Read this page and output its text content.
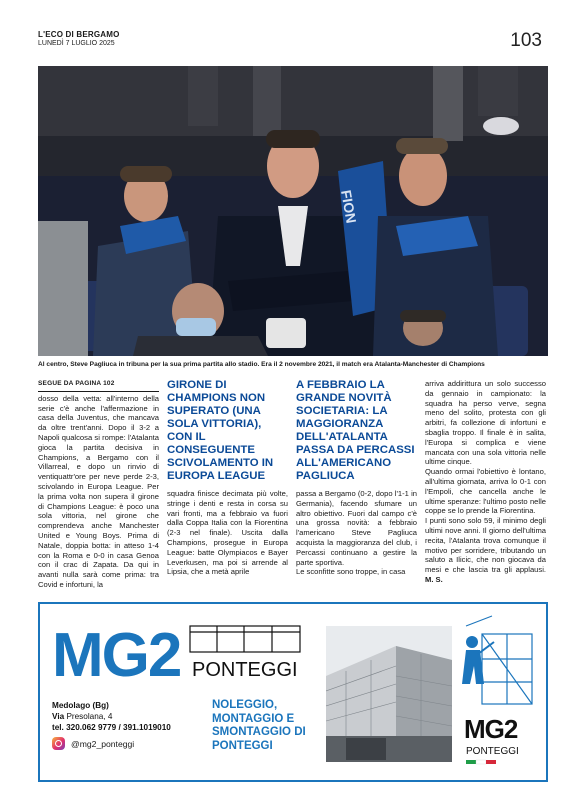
L'ECO DI BERGAMO
LUNEDÌ 7 LUGLIO 2025	103
FION
Al centro, Steve Pagliuca in tribuna per la sua prima partita allo stadio. Era il 2 novembre 2021, il match era Atalanta-Manchester di Champions
SEGUE DA PAGINA 102

dosso della vetta: all'interno della serie c'è anche l'affermazione in casa della Juventus, che mancava da oltre trent'anni. Dopo il 3-2 a Napoli qualcosa si rompe: l'Atalanta gioca la partita decisiva in Champions, a Bergamo con il Villarreal, e dopo un rinvio di ventiquattr'ore per neve perde 2-3, scivolando in Europa League. Per la prima volta non supera il girone di Champions League: è poco una sola vittoria, nel girone che comprendeva anche Manchester United e Young Boys. Prima di Natale, doppia botta: in atteso 1-4 con la Roma e 0-0 in casa Genoa con il crac di Zapata. Da qui in avanti nulla sarà come prima: tra Covid e infortuni, la

GIRONE DI CHAMPIONS NON SUPERATO (UNA SOLA VITTORIA), CON IL CONSEGUENTE SCIVOLAMENTO IN EUROPA LEAGUE

squadra finisce decimata più volte, stringe i denti e resta in corsa su vari fronti, ma a febbraio va fuori dalla Coppa Italia con la Fiorentina (2-3 nel finale). Uscita dalla Champions, prosegue in Europa League: batte Olympiacos e Bayer Leverkusen, ma poi si arrende al Lipsia, che a metà aprile

A FEBBRAIO LA GRANDE NOVITÀ SOCIETARIA: LA MAGGIORANZA DELL'ATALANTA PASSA DA PERCASSI ALL'AMERICANO PAGLIUCA

passa a Bergamo (0-2, dopo l'1-1 in Germania), facendo sfumare un altro obiettivo. Fuori dal campo c'è una grossa novità: a febbraio l'americano Steve Pagliuca acquista la maggioranza del club, i Percassi continuano a gestire la parte sportiva.

Le sconfitte sono troppe, in casa

arriva addirittura un solo successo da gennaio in campionato: la squadra ha perso verve, segna meno del solito, protesta con gli arbitri, fa collezione di infortuni e sbaglia troppo. Il finale è in salita, l'Europa si complica e viene mancata con una sola vittoria nelle ultime cinque.

Quando ormai l'obiettivo è lontano, all'ultima giornata, arriva lo 0-1 con l'Empoli, che cancella anche le ultime speranze: l'ultimo posto nelle coppe se lo prende la Fiorentina.

I punti sono solo 59, il minimo degli ultimi nove anni. Il giorno dell'ultima recita, l'Atalanta trova comunque il motivo per sorridere, tributando un saluto a Ilicic, che non giocava da mesi e che lascia tra gli applausi. M. S.

MG2 PONTEGGI
Medolago (Bg)
Via Presolana, 4
tel. 320.062 9779 / 391.1019010
@mg2_ponteggi
NOLEGGIO, MONTAGGIO E SMONTAGGIO DI PONTEGGI
MG2
PONTEGGI
